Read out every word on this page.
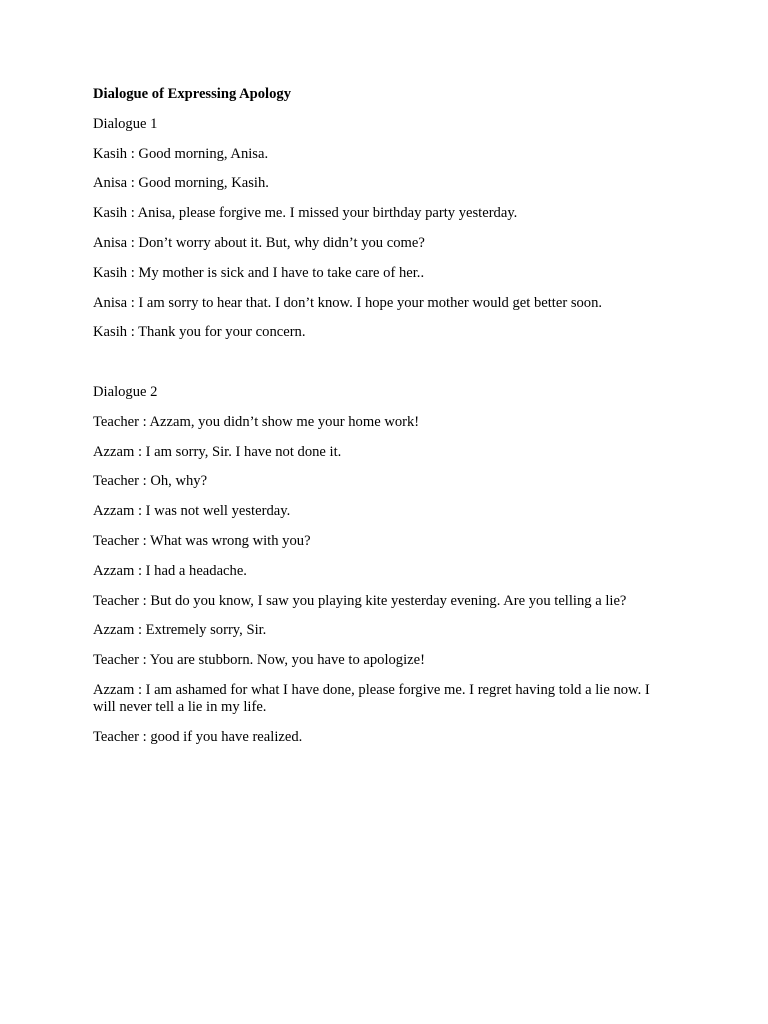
Dialogue of Expressing Apology

Dialogue 1

Kasih : Good morning, Anisa.

Anisa : Good morning, Kasih.

Kasih : Anisa, please forgive me. I missed your birthday party yesterday.

Anisa : Don’t worry about it. But, why didn’t you come?

Kasih : My mother is sick and I have to take care of her..

Anisa : I am sorry to hear that. I don’t know. I hope your mother would get better soon.

Kasih : Thank you for your concern.

Dialogue 2

Teacher : Azzam, you didn’t show me your home work!

Azzam : I am sorry, Sir. I have not done it.

Teacher : Oh, why?

Azzam : I was not well yesterday.

Teacher : What was wrong with you?

Azzam : I had a headache.

Teacher : But do you know, I saw you playing kite yesterday evening. Are you telling a lie?

Azzam : Extremely sorry, Sir.

Teacher : You are stubborn. Now, you have to apologize!

Azzam : I am ashamed for what I have done, please forgive me. I regret having told a lie now. I will never tell a lie in my life.

Teacher : good if you have realized.
